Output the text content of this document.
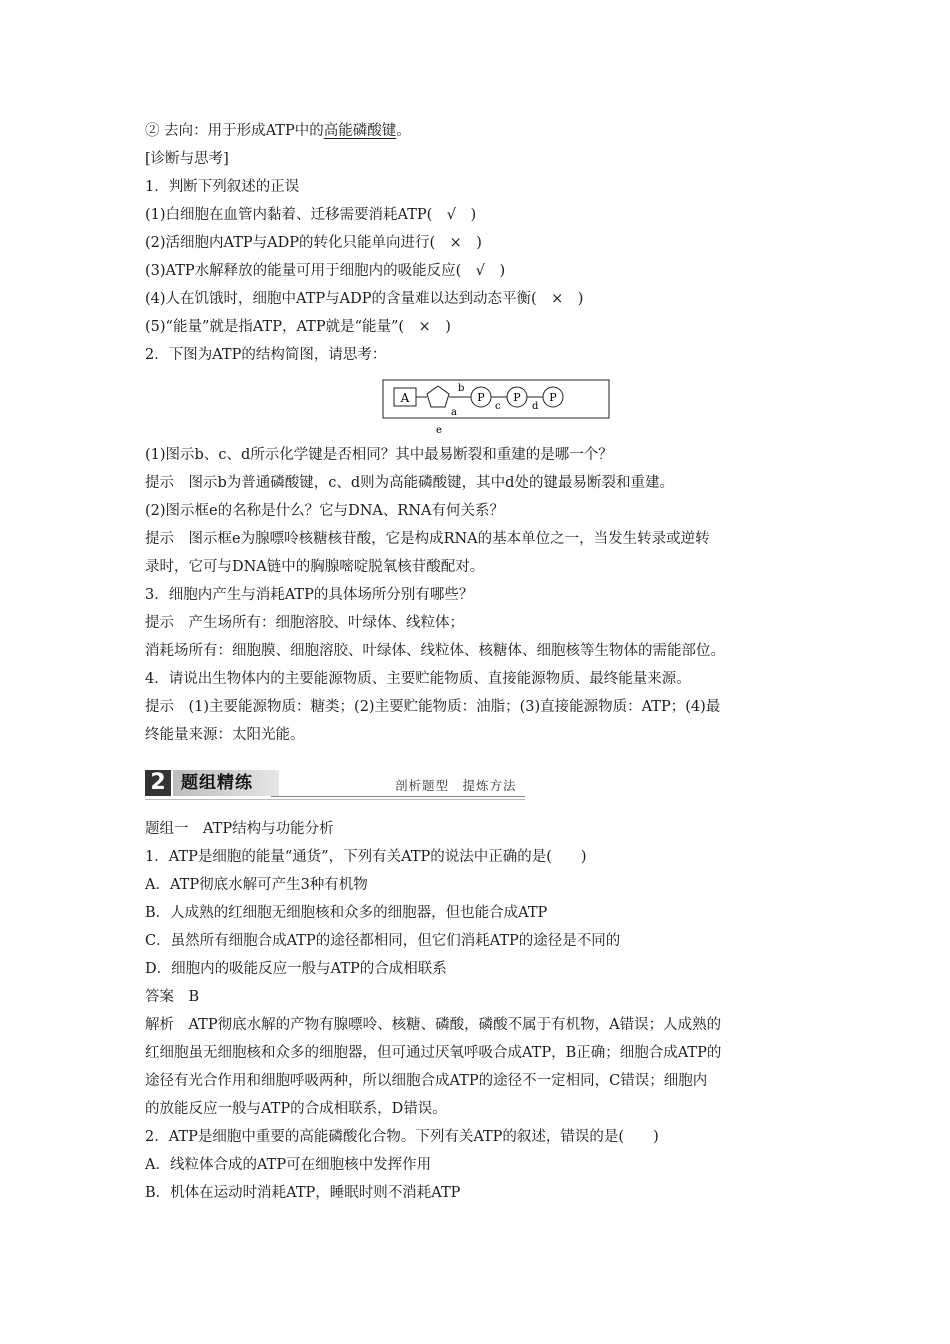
② 去向：用于形成ATP中的高能磷酸键。
[诊断与思考]
1．判断下列叙述的正误
(1)白细胞在血管内黏着、迁移需要消耗ATP(　√　)
(2)活细胞内ATP与ADP的转化只能单向进行(　×　)
(3)ATP水解释放的能量可用于细胞内的吸能反应(　√　)
(4)人在饥饿时，细胞中ATP与ADP的含量难以达到动态平衡(　×　)
(5)“能量”就是指ATP，ATP就是“能量”(　×　)
2．下图为ATP的结构简图，请思考：
A	P	P	P
a
b
c	d
e
(1)图示b、c、d所示化学键是否相同？其中最易断裂和重建的是哪一个？
提示　图示b为普通磷酸键，c、d则为高能磷酸键，其中d处的键最易断裂和重建。
(2)图示框e的名称是什么？它与DNA、RNA有何关系？
提示　图示框e为腺嘌呤核糖核苷酸，它是构成RNA的基本单位之一，当发生转录或逆转
录时，它可与DNA链中的胸腺嘧啶脱氧核苷酸配对。
3．细胞内产生与消耗ATP的具体场所分别有哪些？
提示　产生场所有：细胞溶胶、叶绿体、线粒体；
消耗场所有：细胞膜、细胞溶胶、叶绿体、线粒体、核糖体、细胞核等生物体的需能部位。
4．请说出生物体内的主要能源物质、主要贮能物质、直接能源物质、最终能量来源。
提示　(1)主要能源物质：糖类；(2)主要贮能物质：油脂；(3)直接能源物质：ATP；(4)最
终能量来源：太阳光能。
2 题组精练	剖析题型　提炼方法
题组一　ATP结构与功能分析
1．ATP是细胞的能量“通货”，下列有关ATP的说法中正确的是(　　)
A．ATP彻底水解可产生3种有机物
B．人成熟的红细胞无细胞核和众多的细胞器，但也能合成ATP
C．虽然所有细胞合成ATP的途径都相同，但它们消耗ATP的途径是不同的
D．细胞内的吸能反应一般与ATP的合成相联系
答案　B
解析　ATP彻底水解的产物有腺嘌呤、核糖、磷酸，磷酸不属于有机物，A错误；人成熟的
红细胞虽无细胞核和众多的细胞器，但可通过厌氧呼吸合成ATP，B正确；细胞合成ATP的
途径有光合作用和细胞呼吸两种，所以细胞合成ATP的途径不一定相同，C错误；细胞内
的放能反应一般与ATP的合成相联系，D错误。
2．ATP是细胞中重要的高能磷酸化合物。下列有关ATP的叙述，错误的是(　　)
A．线粒体合成的ATP可在细胞核中发挥作用
B．机体在运动时消耗ATP，睡眠时则不消耗ATP
